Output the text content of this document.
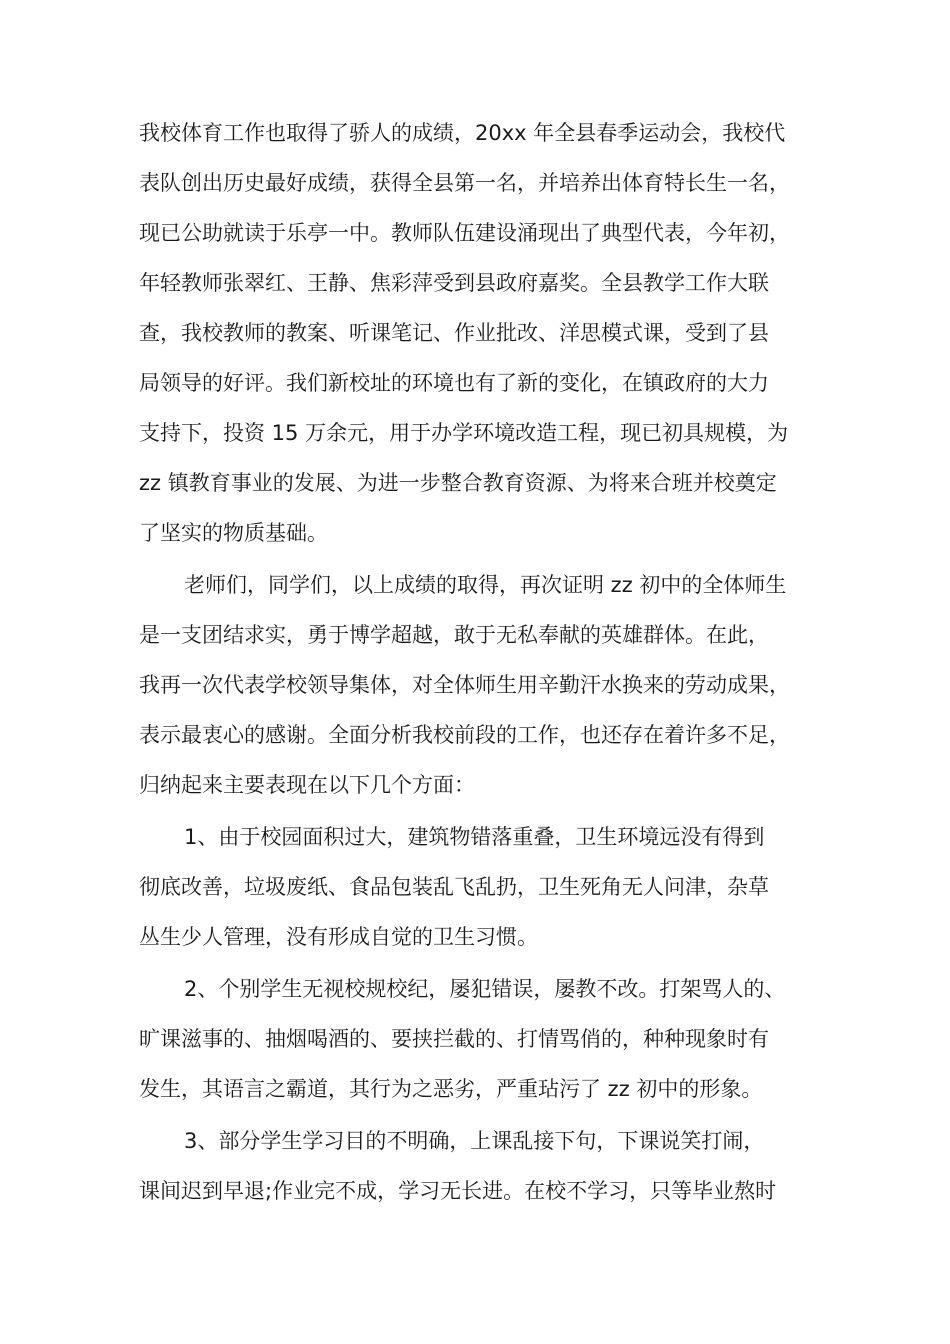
我校体育工作也取得了骄人的成绩，20xx 年全县春季运动会，我校代
表队创出历史最好成绩，获得全县第一名，并培养出体育特长生一名，
现已公助就读于乐亭一中。教师队伍建设涌现出了典型代表，今年初，
年轻教师张翠红、王静、焦彩萍受到县政府嘉奖。全县教学工作大联
查，我校教师的教案、听课笔记、作业批改、洋思模式课，受到了县
局领导的好评。我们新校址的环境也有了新的变化，在镇政府的大力
支持下，投资 15 万余元，用于办学环境改造工程，现已初具规模，为
zz 镇教育事业的发展、为进一步整合教育资源、为将来合班并校奠定
了坚实的物质基础。
老师们，同学们，以上成绩的取得，再次证明 zz 初中的全体师生
是一支团结求实，勇于博学超越，敢于无私奉献的英雄群体。在此，
我再一次代表学校领导集体，对全体师生用辛勤汗水换来的劳动成果，
表示最衷心的感谢。全面分析我校前段的工作，也还存在着许多不足，
归纳起来主要表现在以下几个方面：
1、由于校园面积过大，建筑物错落重叠，卫生环境远没有得到
彻底改善，垃圾废纸、食品包装乱飞乱扔，卫生死角无人问津，杂草
丛生少人管理，没有形成自觉的卫生习惯。
2、个别学生无视校规校纪，屡犯错误，屡教不改。打架骂人的、
旷课滋事的、抽烟喝酒的、要挟拦截的、打情骂俏的，种种现象时有
发生，其语言之霸道，其行为之恶劣，严重玷污了 zz 初中的形象。
3、部分学生学习目的不明确，上课乱接下句，下课说笑打闹，
课间迟到早退;作业完不成，学习无长进。在校不学习，只等毕业熬时
